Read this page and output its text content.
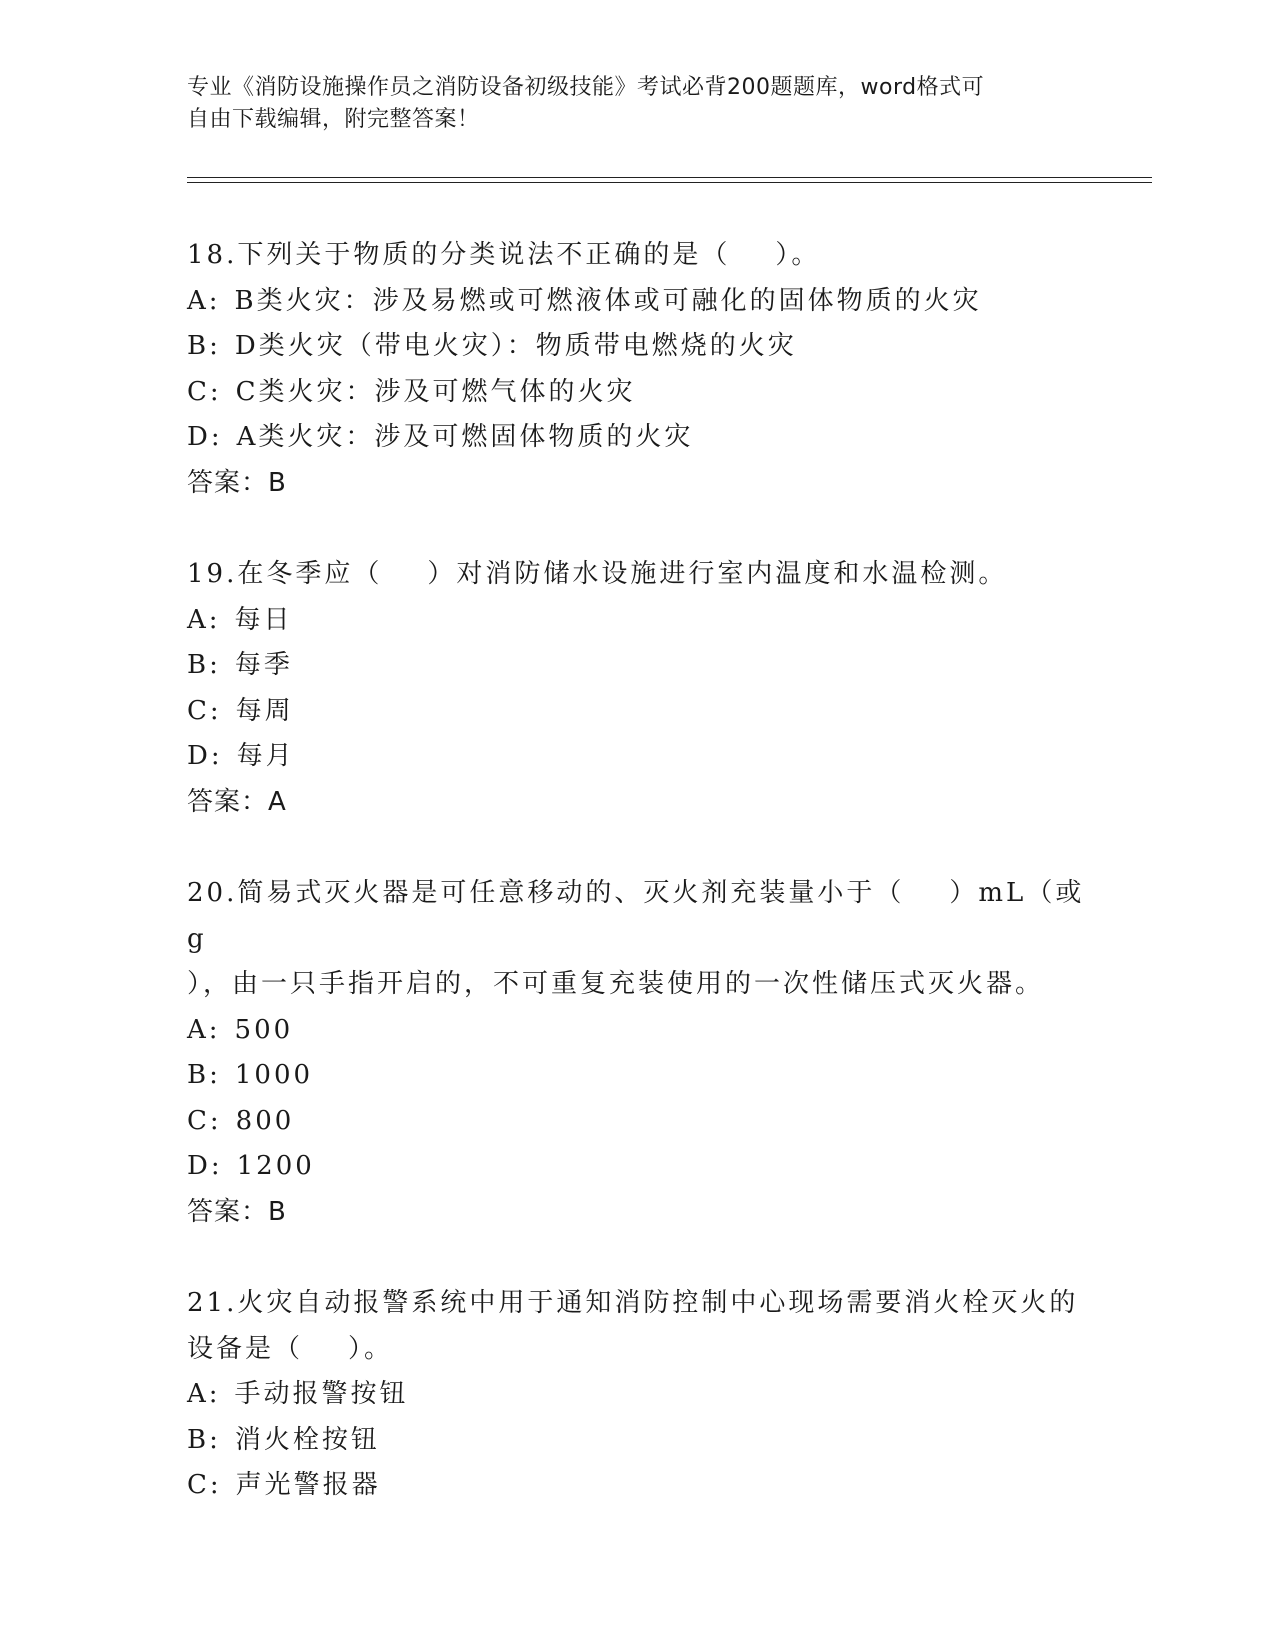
专业《消防设施操作员之消防设备初级技能》考试必背200题题库，word格式可
自由下载编辑，附完整答案！
18.下列关于物质的分类说法不正确的是（    ）。
A: B类火灾：涉及易燃或可燃液体或可融化的固体物质的火灾
B: D类火灾（带电火灾）：物质带电燃烧的火灾
C: C类火灾：涉及可燃气体的火灾
D: A类火灾：涉及可燃固体物质的火灾
答案：B
19.在冬季应（    ）对消防储水设施进行室内温度和水温检测。
A: 每日
B: 每季
C: 每周
D: 每月
答案：A
20.简易式灭火器是可任意移动的、灭火剂充装量小于（    ）mL（或g
），由一只手指开启的，不可重复充装使用的一次性储压式灭火器。
A: 500
B: 1000
C: 800
D: 1200
答案：B
21.火灾自动报警系统中用于通知消防控制中心现场需要消火栓灭火的
设备是（    ）。
A: 手动报警按钮
B: 消火栓按钮
C: 声光警报器
